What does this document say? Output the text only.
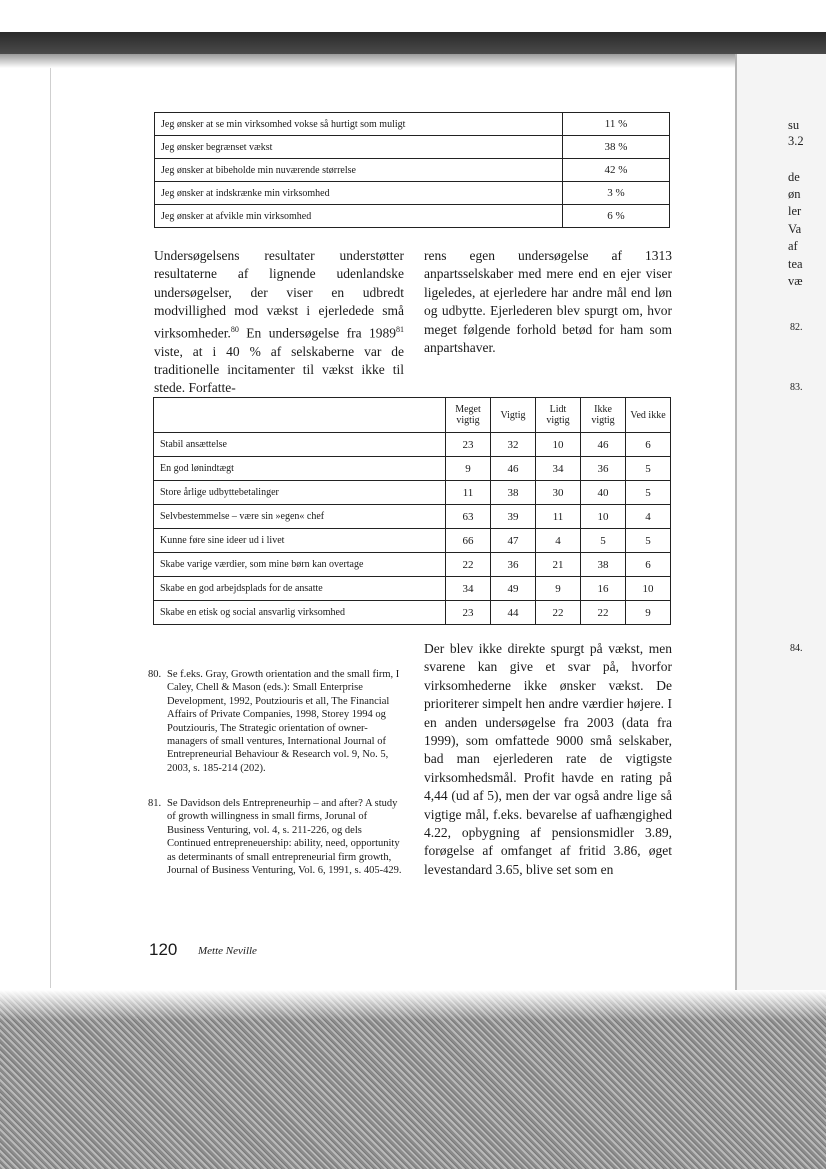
Jeg ønsker at se min virksomhed vokse så hurtigt som muligt	11 %
Jeg ønsker begrænset vækst	38 %
Jeg ønsker at bibeholde min nuværende størrelse	42 %
Jeg ønsker at indskrænke min virksomhed	3 %
Jeg ønsker at afvikle min virksomhed	6 %
Undersøgelsens resultater understøtter resultaterne af lignende udenlandske undersøgelser, der viser en udbredt modvillighed mod vækst i ejerledede små virksomheder.$^{80}$ En undersøgelse fra 1989$^{81}$ viste, at i 40 % af selskaberne var de traditionelle incitamenter til vækst ikke til stede. Forfatte-
rens egen undersøgelse af 1313 anpartsselskaber med mere end en ejer viser ligeledes, at ejerledere har andre mål end løn og udbytte. Ejerlederen blev spurgt om, hvor meget følgende forhold betød for ham som anpartshaver.
	Meget vigtig	Vigtig	Lidt vigtig	Ikke vigtig	Ved ikke
Stabil ansættelse	23	32	10	46	6
En god lønindtægt	9	46	34	36	5
Store årlige udbyttebetalinger	11	38	30	40	5
Selvbestemmelse – være sin »egen« chef	63	39	11	10	4
Kunne føre sine ideer ud i livet	66	47	4	5	5
Skabe varige værdier, som mine børn kan overtage	22	36	21	38	6
Skabe en god arbejdsplads for de ansatte	34	49	9	16	10
Skabe en etisk og social ansvarlig virksomhed	23	44	22	22	9
Der blev ikke direkte spurgt på vækst, men svarene kan give et svar på, hvorfor virksomhederne ikke ønsker vækst. De prioriterer simpelt hen andre værdier højere. I en anden undersøgelse fra 2003 (data fra 1999), som omfattede 9000 små selskaber, bad man ejerlederen rate de vigtigste virksomhedsmål. Profit havde en rating på 4,44 (ud af 5), men der var også andre lige så vigtige mål, f.eks. bevarelse af uafhængighed 4.22, opbygning af pensionsmidler 3.89, forøgelse af omfanget af fritid 3.86, øget levestandard 3.65, blive set som en
80. Se f.eks. Gray, Growth orientation and the small firm, I Caley, Chell & Mason (eds.): Small Enterprise Development, 1992, Poutziouris et all, The Financial Affairs of Private Companies, 1998, Storey 1994 og Poutziouris, The Strategic orientation of owner-managers of small ventures, International Journal of Entrepreneurial Behaviour & Research vol. 9, No. 5, 2003, s. 185-214 (202).
81. Se Davidson dels Entrepreneurhip – and after? A study of growth willingness in small firms, Jorunal of Business Venturing, vol. 4, s. 211-226, og dels Continued entrepreneuership: ability, need, opportunity as determinants of small entrepreneurial firm growth, Journal of Business Venturing, Vol. 6, 1991, s. 405-429.
120 Mette Neville
su
3.2
de
øn
ler
Va
af
tea
væ
82.
83.
84.
